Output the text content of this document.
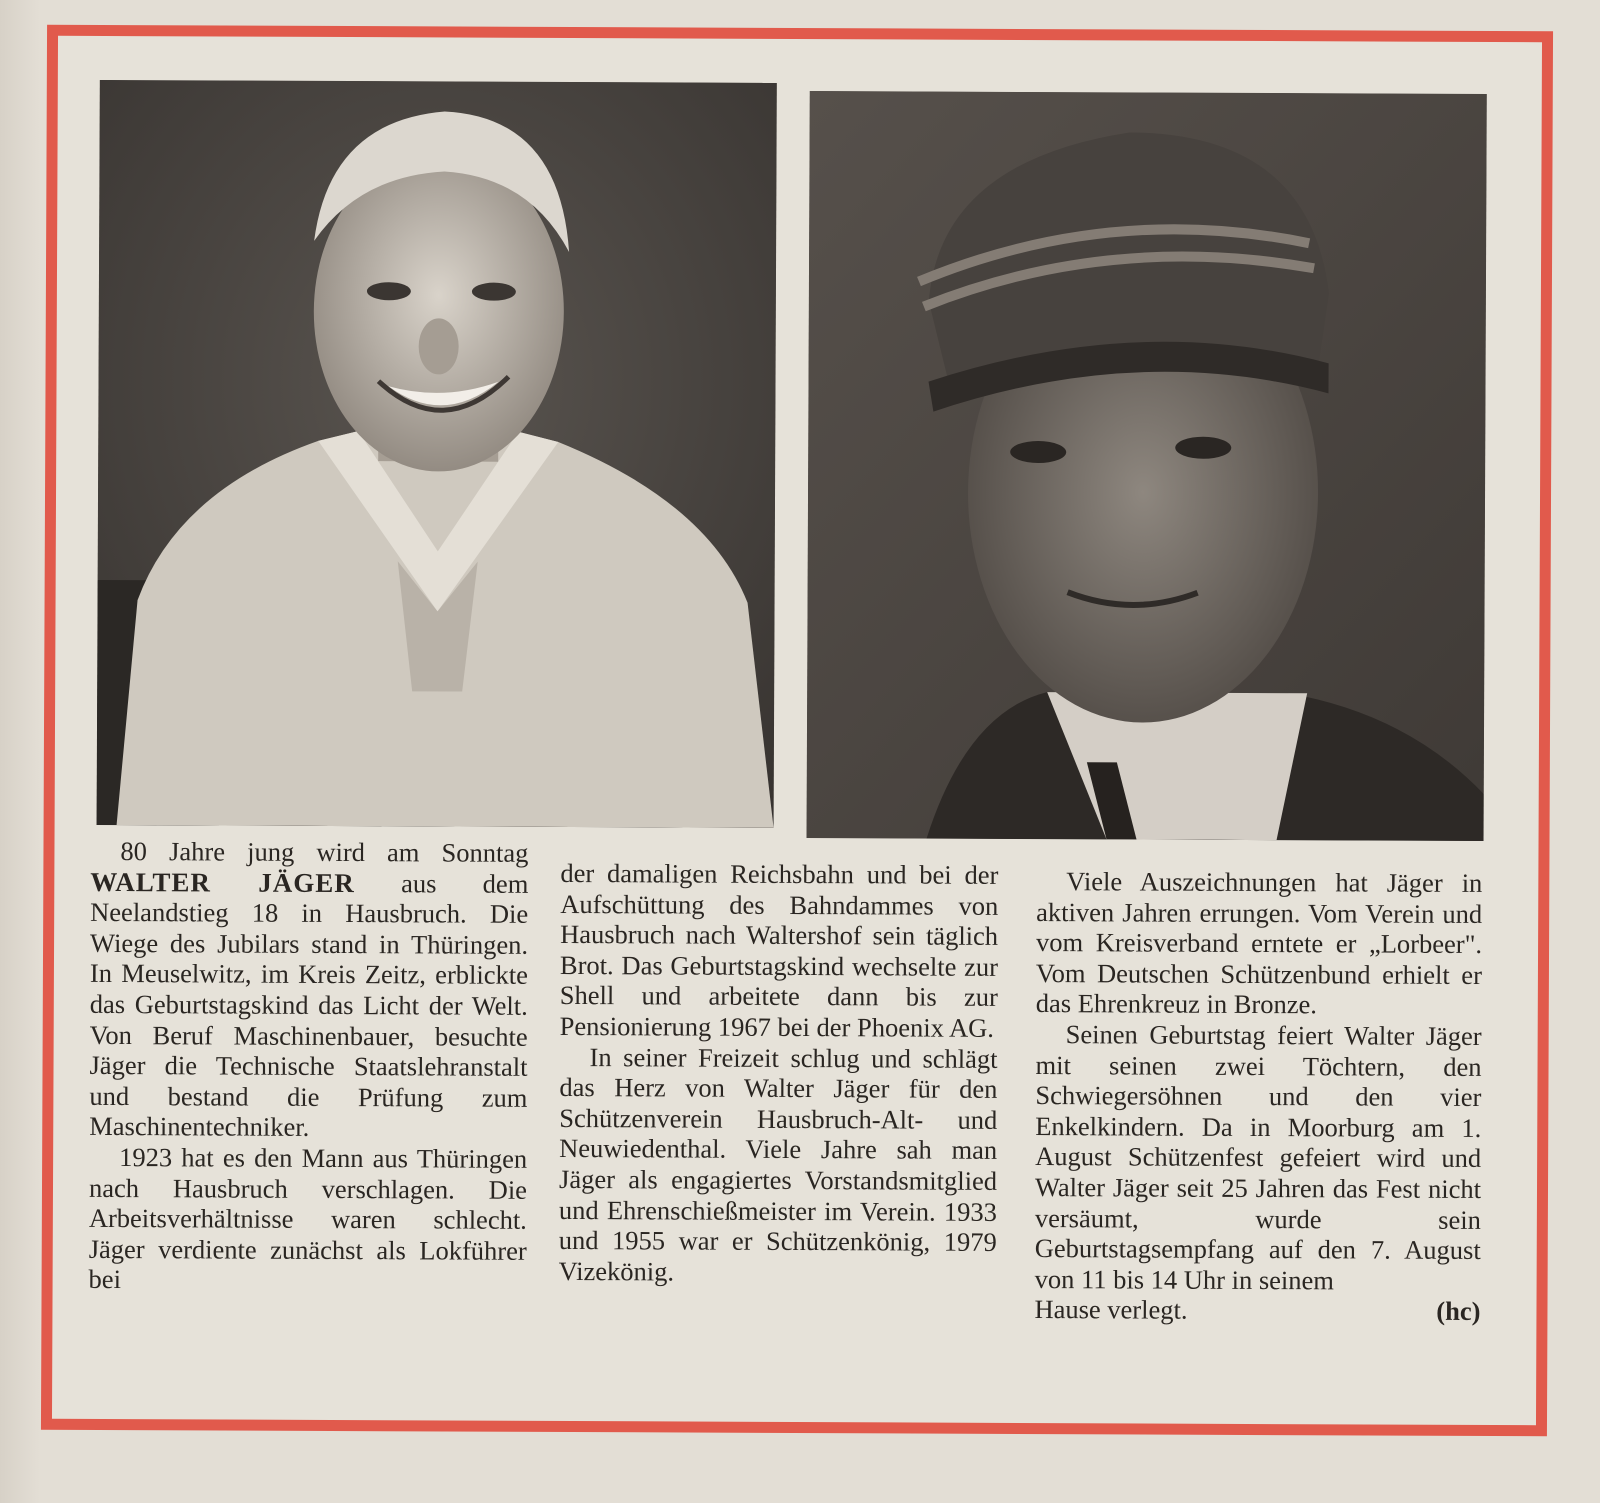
80 Jahre jung wird am Sonntag WALTER JÄGER aus dem Neelandstieg 18 in Hausbruch. Die Wiege des Jubilars stand in Thüringen. In Meuselwitz, im Kreis Zeitz, erblickte das Geburtstagskind das Licht der Welt. Von Beruf Maschinenbauer, besuchte Jäger die Technische Staatslehranstalt und bestand die Prüfung zum Maschinentechniker.

1923 hat es den Mann aus Thüringen nach Hausbruch verschlagen. Die Arbeitsverhältnisse waren schlecht. Jäger verdiente zunächst als Lokführer bei

der damaligen Reichsbahn und bei der Aufschüttung des Bahndammes von Hausbruch nach Waltershof sein täglich Brot. Das Geburtstagskind wechselte zur Shell und arbeitete dann bis zur Pensionierung 1967 bei der Phoenix AG.

In seiner Freizeit schlug und schlägt das Herz von Walter Jäger für den Schützenverein Hausbruch-Alt- und Neuwiedenthal. Viele Jahre sah man Jäger als engagiertes Vorstandsmitglied und Ehrenschießmeister im Verein. 1933 und 1955 war er Schützenkönig, 1979 Vizekönig.

Viele Auszeichnungen hat Jäger in aktiven Jahren errungen. Vom Verein und vom Kreisverband erntete er „Lorbeer". Vom Deutschen Schützenbund erhielt er das Ehrenkreuz in Bronze.

Seinen Geburtstag feiert Walter Jäger mit seinen zwei Töchtern, den Schwiegersöhnen und den vier Enkelkindern. Da in Moorburg am 1. August Schützenfest gefeiert wird und Walter Jäger seit 25 Jahren das Fest nicht versäumt, wurde sein Geburtstagsempfang auf den 7. August von 11 bis 14 Uhr in seinem

Hause verlegt.	(hc)
